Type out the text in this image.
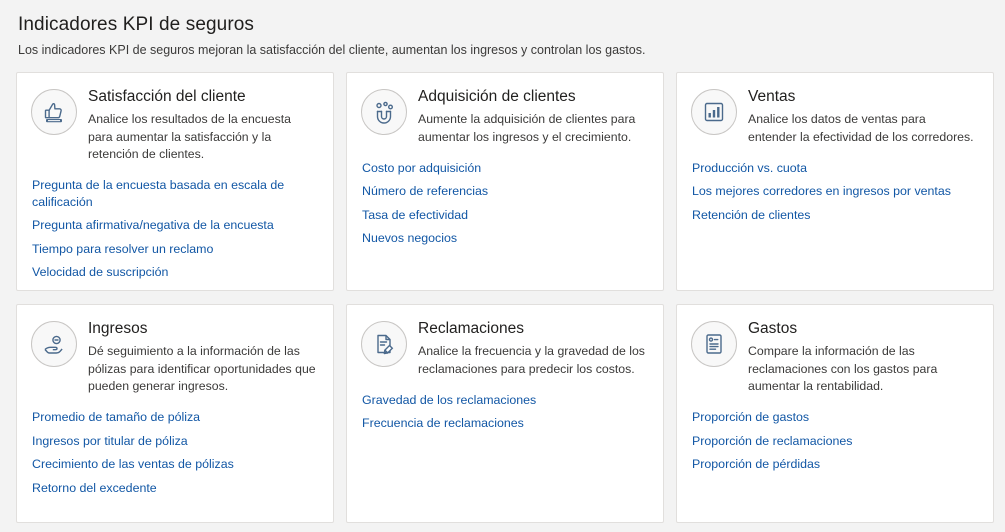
Indicadores KPI de seguros

Los indicadores KPI de seguros mejoran la satisfacción del cliente, aumentan los ingresos y controlan los gastos.

Satisfacción del cliente

Analice los resultados de la encuesta para aumentar la satisfacción y la retención de clientes.

Pregunta de la encuesta basada en escala de calificación
Pregunta afirmativa/negativa de la encuesta
Tiempo para resolver un reclamo
Velocidad de suscripción
Adquisición de clientes

Aumente la adquisición de clientes para aumentar los ingresos y el crecimiento.

Costo por adquisición
Número de referencias
Tasa de efectividad
Nuevos negocios
Ventas

Analice los datos de ventas para entender la efectividad de los corredores.

Producción vs. cuota
Los mejores corredores en ingresos por ventas
Retención de clientes
Ingresos

Dé seguimiento a la información de las pólizas para identificar oportunidades que pueden generar ingresos.

Promedio de tamaño de póliza
Ingresos por titular de póliza
Crecimiento de las ventas de pólizas
Retorno del excedente
Reclamaciones

Analice la frecuencia y la gravedad de los reclamaciones para predecir los costos.

Gravedad de los reclamaciones
Frecuencia de reclamaciones
Gastos

Compare la información de las reclamaciones con los gastos para aumentar la rentabilidad.

Proporción de gastos
Proporción de reclamaciones
Proporción de pérdidas
